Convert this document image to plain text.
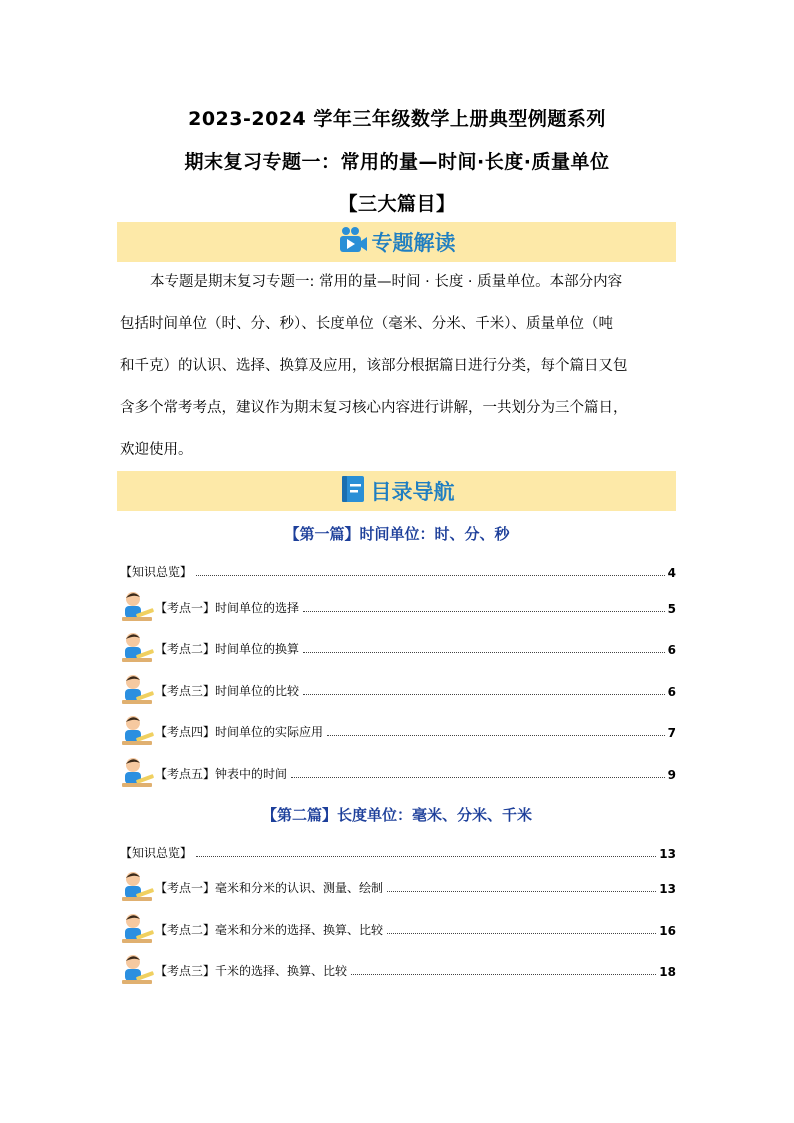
2023-2024 学年三年级数学上册典型例题系列
期末复习专题一：常用的量—时间·长度·质量单位
【三大篇目】
专题解读
本专题是期末复习专题一: 常用的量—时间 · 长度 · 质量单位。本部分内容
包括时间单位（时、分、秒）、长度单位（毫米、分米、千米）、质量单位（吨
和千克）的认识、选择、换算及应用，该部分根据篇日进行分类，每个篇日又包
含多个常考考点，建议作为期末复习核心内容进行讲解，一共划分为三个篇日，
欢迎使用。
目录导航
【第一篇】时间单位：时、分、秒
【知识总览】	4
【考点一】时间单位的选择	5
【考点二】时间单位的换算	6
【考点三】时间单位的比较	6
【考点四】时间单位的实际应用	7
【考点五】钟表中的时间	9
【第二篇】长度单位：毫米、分米、千米
【知识总览】	13
【考点一】毫米和分米的认识、测量、绘制	13
【考点二】毫米和分米的选择、换算、比较	16
【考点三】千米的选择、换算、比较	18
